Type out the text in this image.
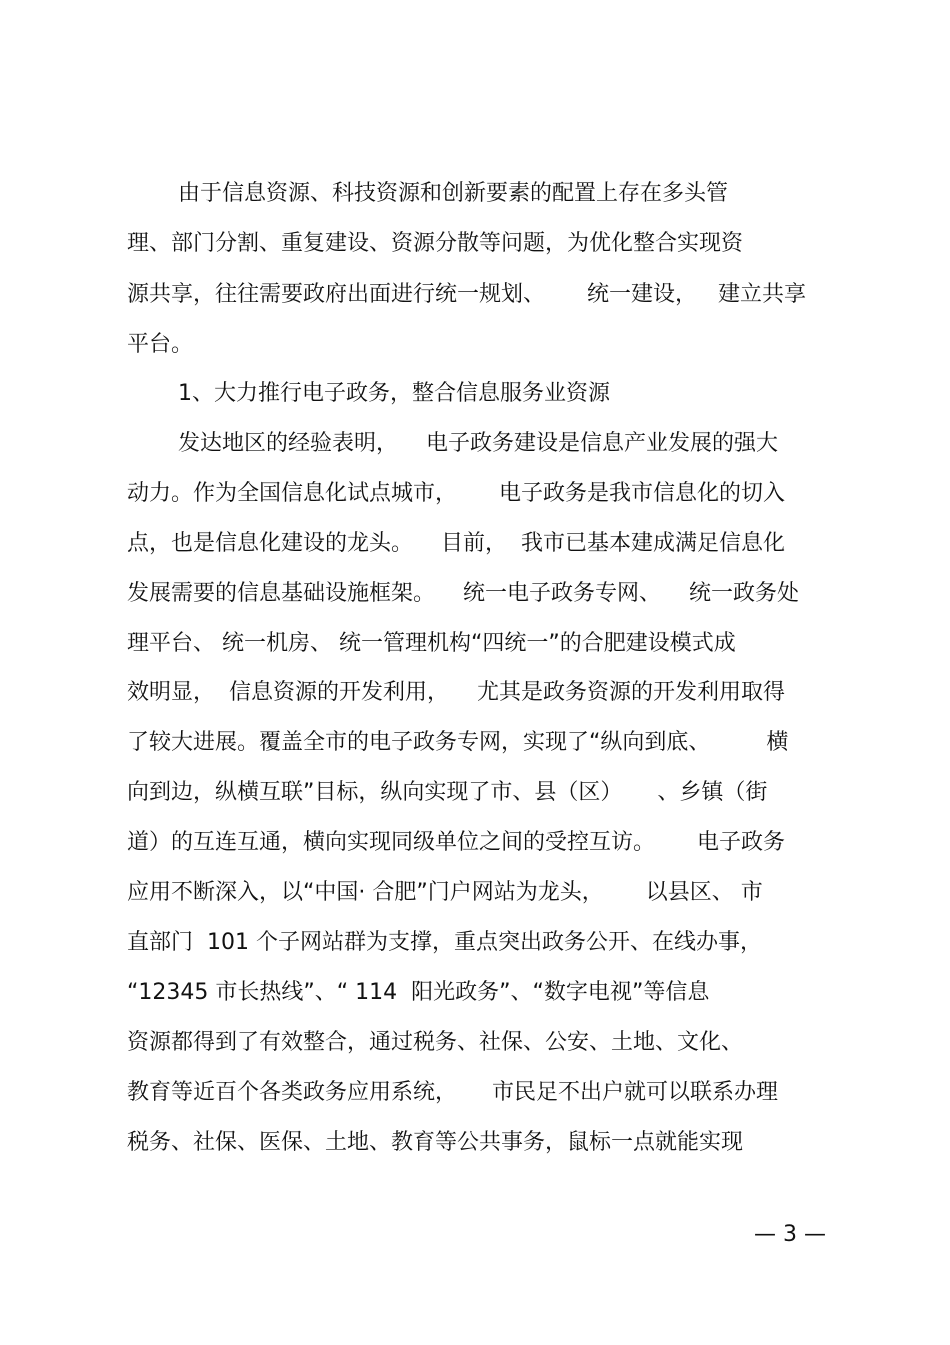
由于信息资源、科技资源和创新要素的配置上存在多头管
理、部门分割、重复建设、资源分散等问题，为优化整合实现资
源共享，往往需要政府出面进行统一规划、      统一建设，   建立共享
平台。
1、大力推行电子政务，整合信息服务业资源
发达地区的经验表明，    电子政务建设是信息产业发展的强大
动力。作为全国信息化试点城市，      电子政务是我市信息化的切入
点，也是信息化建设的龙头。    目前，  我市已基本建成满足信息化
发展需要的信息基础设施框架。    统一电子政务专网、    统一政务处
理平台、 统一机房、 统一管理机构“四统一”的合肥建设模式成
效明显，  信息资源的开发利用，    尤其是政务资源的开发利用取得
了较大进展。覆盖全市的电子政务专网，实现了“纵向到底、        横
向到边，纵横互联”目标，纵向实现了市、县（区）     、乡镇（街
道）的互连互通，横向实现同级单位之间的受控互访。      电子政务
应用不断深入，以“中国· 合肥”门户网站为龙头，      以县区、 市
直部门  101 个子网站群为支撑，重点突出政务公开、在线办事，
“12345 市长热线”、“ 114  阳光政务”、“数字电视”等信息
资源都得到了有效整合，通过税务、社保、公安、土地、文化、
教育等近百个各类政务应用系统，     市民足不出户就可以联系办理
税务、社保、医保、土地、教育等公共事务，鼠标一点就能实现
— 3 —
